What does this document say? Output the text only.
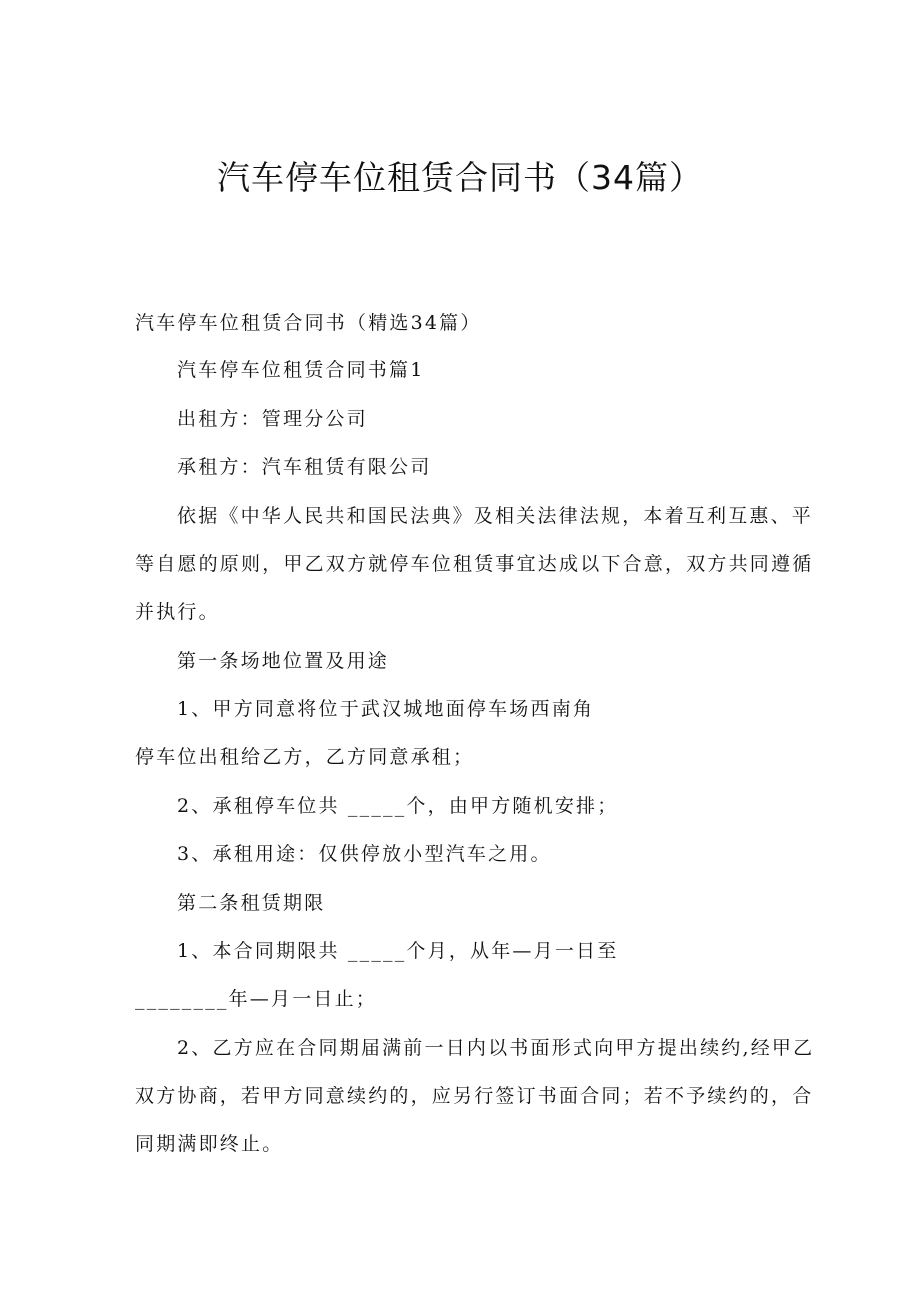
汽车停车位租赁合同书（34篇）
汽车停车位租赁合同书（精选34篇）
汽车停车位租赁合同书篇1
出租方：管理分公司
承租方：汽车租赁有限公司
依据《中华人民共和国民法典》及相关法律法规，本着互利互惠、平
等自愿的原则，甲乙双方就停车位租赁事宜达成以下合意，双方共同遵循
并执行。
第一条场地位置及用途
1、甲方同意将位于武汉城地面停车场西南角
停车位出租给乙方，乙方同意承租；
2、承租停车位共 _____个，由甲方随机安排；
3、承租用途：仅供停放小型汽车之用。
第二条租赁期限
1、本合同期限共 _____个月，从年—月一日至
________年—月一日止；
2、乙方应在合同期届满前一日内以书面形式向甲方提出续约,经甲乙
双方协商，若甲方同意续约的，应另行签订书面合同；若不予续约的，合
同期满即终止。
